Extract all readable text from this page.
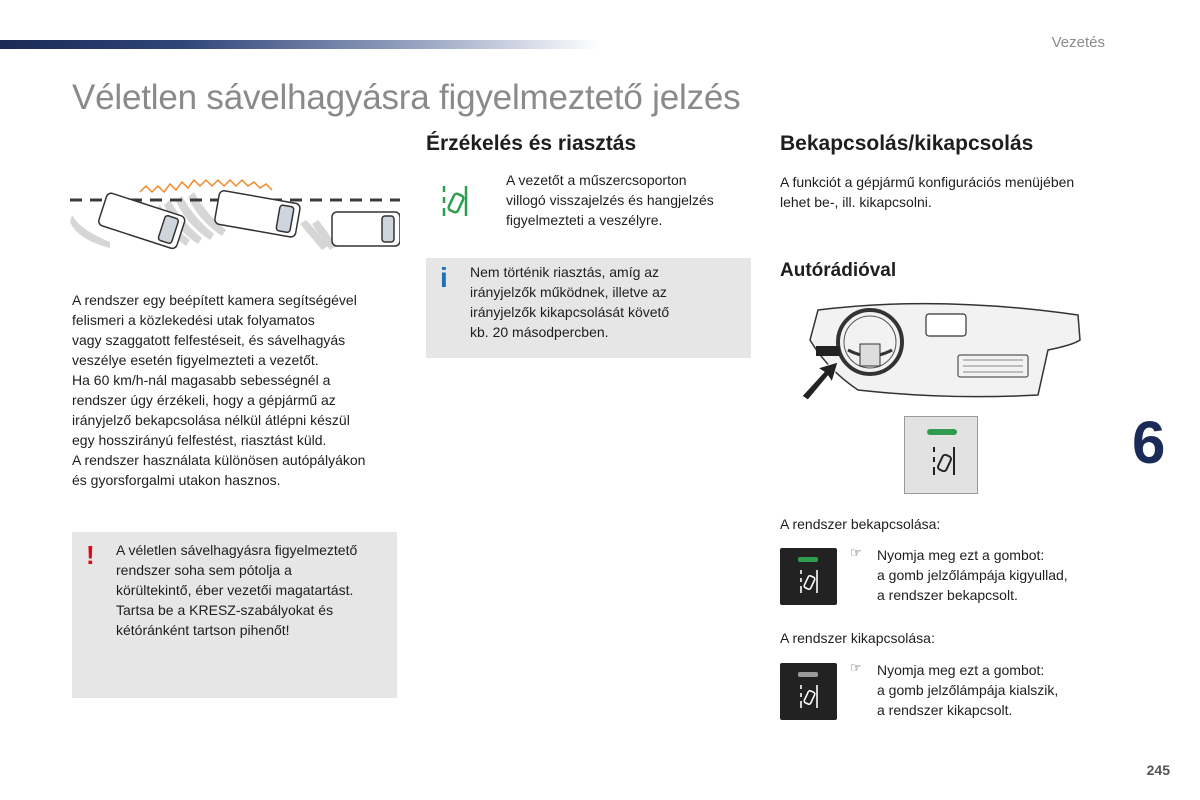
Vezetés
Véletlen sávelhagyásra figyelmeztető jelzés
A rendszer egy beépített kamera segítségével
felismeri a közlekedési utak folyamatos
vagy szaggatott felfestéseit, és sávelhagyás
veszélye esetén figyelmezteti a vezetőt.
Ha 60 km/h-nál magasabb sebességnél a
rendszer úgy érzékeli, hogy a gépjármű az
irányjelző bekapcsolása nélkül átlépni készül
egy hosszirányú felfestést, riasztást küld.
A rendszer használata különösen autópályákon
és gyorsforgalmi utakon hasznos.
! A véletlen sávelhagyásra figyelmeztető
rendszer soha sem pótolja a
körültekintő, éber vezetői magatartást.
Tartsa be a KRESZ-szabályokat és
kétóránként tartson pihenőt!
Érzékelés és riasztás
A vezetőt a műszercsoporton
villogó visszajelzés és hangjelzés
figyelmezteti a veszélyre.
i Nem történik riasztás, amíg az
irányjelzők működnek, illetve az
irányjelzők kikapcsolását követő
kb. 20 másodpercben.
Bekapcsolás/kikapcsolás
A funkciót a gépjármű konfigurációs menüjében
lehet be-, ill. kikapcsolni.
Autórádióval
6
A rendszer bekapcsolása:
☞ Nyomja meg ezt a gombot:
a gomb jelzőlámpája kigyullad,
a rendszer bekapcsolt.
A rendszer kikapcsolása:
☞ Nyomja meg ezt a gombot:
a gomb jelzőlámpája kialszik,
a rendszer kikapcsolt.
245
